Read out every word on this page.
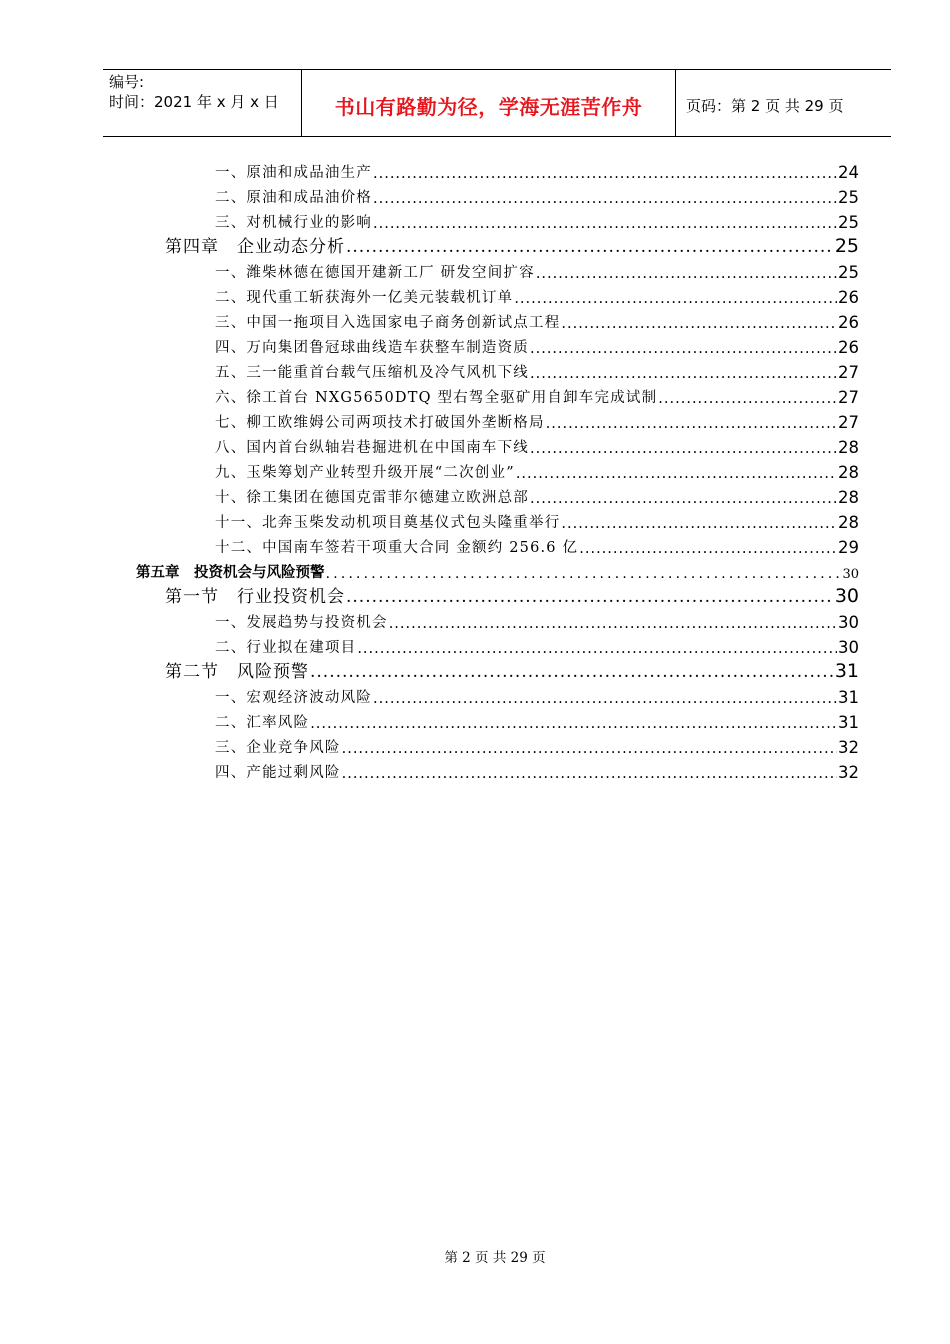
编号:
时间：2021 年 x 月 x 日	书山有路勤为径，学海无涯苦作舟	页码：第 2 页 共 29 页
一、原油和成品油生产 .....	24
二、原油和成品油价格 .....	25
三、对机械行业的影响 .....	25
第四章　企业动态分析 .....	25
一、潍柴林德在德国开建新工厂 研发空间扩容 .....	25
二、现代重工斩获海外一亿美元装载机订单 .....	26
三、中国一拖项目入选国家电子商务创新试点工程 .....	26
四、万向集团鲁冠球曲线造车获整车制造资质 .....	26
五、三一能重首台载气压缩机及冷气风机下线 .....	27
六、徐工首台 NXG5650DTQ 型右驾全驱矿用自卸车完成试制 .....	27
七、柳工欧维姆公司两项技术打破国外垄断格局 .....	27
八、国内首台纵轴岩巷掘进机在中国南车下线 .....	28
九、玉柴筹划产业转型升级开展“二次创业” .....	28
十、徐工集团在德国克雷菲尔德建立欧洲总部 .....	28
十一、北奔玉柴发动机项目奠基仪式包头隆重举行 .....	28
十二、中国南车签若干项重大合同 金额约 256.6 亿 .....	29
第五章　投资机会与风险预警 .....	30
第一节　行业投资机会 .....	30
一、发展趋势与投资机会 .....	30
二、行业拟在建项目 .....	30
第二节　风险预警 .....	31
一、宏观经济波动风险 .....	31
二、汇率风险 .....	31
三、企业竞争风险 .....	32
四、产能过剩风险 .....	32
第 2 页 共 29 页
